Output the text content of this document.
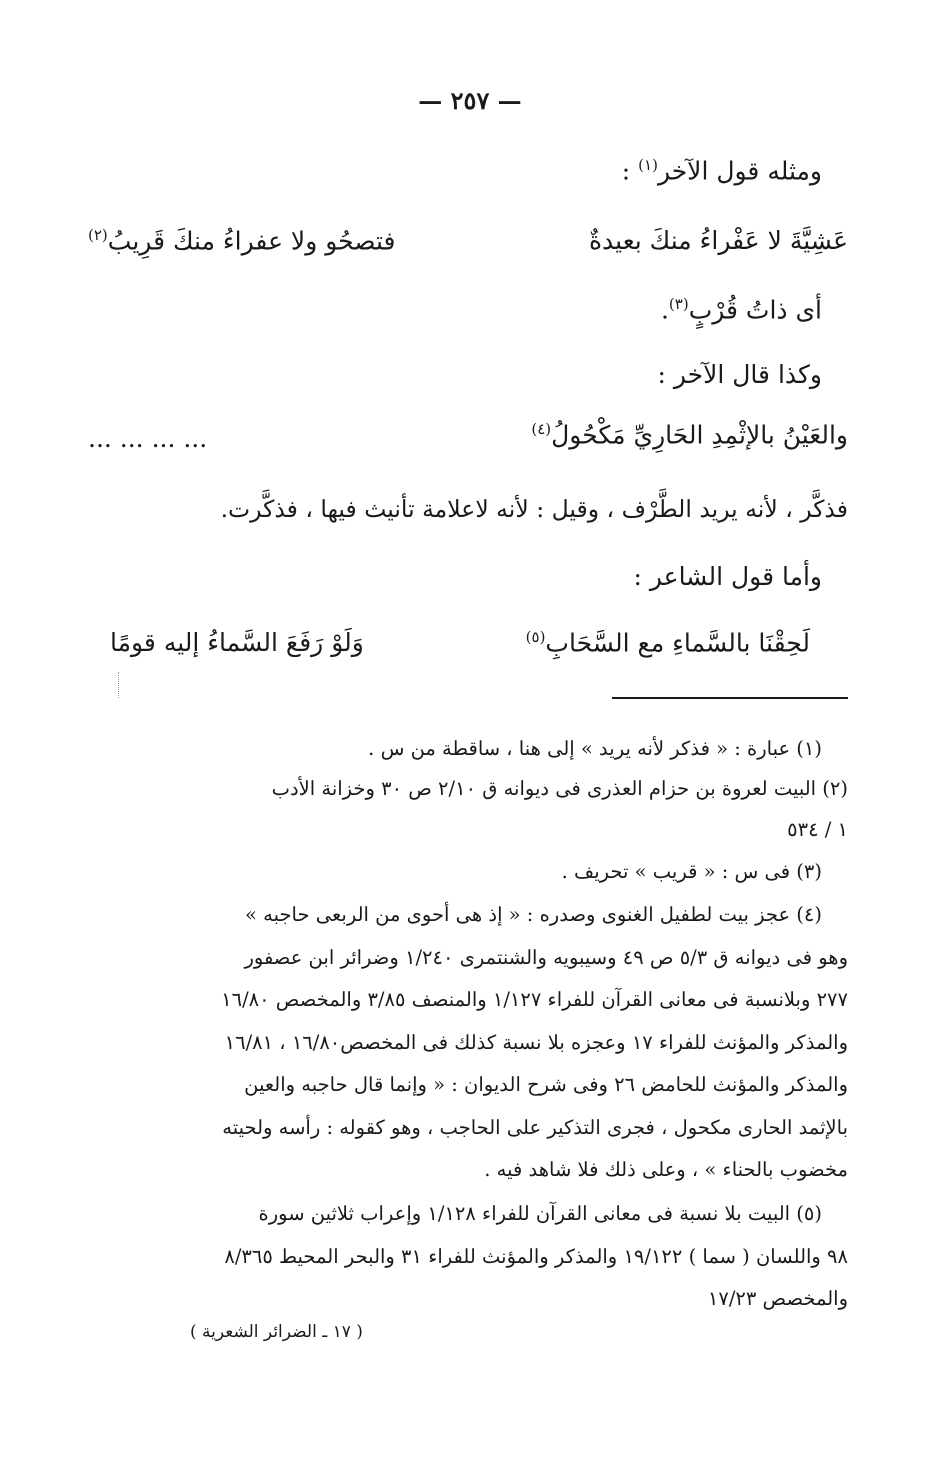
— ٢٥٧ —
ومثله قول الآخر$^{(١)}$ :
عَشِيَّةَ لا عَفْراءُ منكَ بعيدةٌ
فتصحُو ولا عفراءُ منكَ قَرِيبُ$^{(٢)}$
أى ذاتُ قُرْبٍ$^{(٣)}$.
وكذا قال الآخر :
... ... ... ...	والعَيْنُ بالإثْمِدِ الحَارِيِّ مَكْحُولُ$^{(٤)}$
فذكَّر ، لأنه يريد الطَّرْف ، وقيل : لأنه لاعلامة تأنيث فيها ، فذكَّرت.
وأما قول الشاعر :
لَحِقْنَا بالسَّماءِ مع السَّحَابِ$^{(٥)}$
وَلَوْ رَفَعَ السَّماءُ إليه قومًا
(١) عبارة : « فذكر لأنه يريد » إلى هنا ، ساقطة من س .
(٢) البيت لعروة بن حزام العذرى فى ديوانه ق ٢/١٠ ص ٣٠ وخزانة الأدب
١ / ٥٣٤
(٣) فى س : « قريب » تحريف .
(٤) عجز بيت لطفيل الغنوى وصدره : « إذ هى أحوى من الربعى حاجبه »
وهو فى ديوانه ق ٥/٣ ص ٤٩ وسيبويه والشنتمرى ١/٢٤٠ وضرائر ابن عصفور
٢٧٧ وبلانسبة فى معانى القرآن للفراء ١/١٢٧ والمنصف ٣/٨٥ والمخصص ١٦/٨٠
والمذكر والمؤنث للفراء ١٧ وعجزه بلا نسبة كذلك فى المخصص١٦/٨٠ ، ١٦/٨١
والمذكر والمؤنث للحامض ٢٦ وفى شرح الديوان : « وإنما قال حاجبه والعين
بالإثمد الحارى مكحول ، فجرى التذكير على الحاجب ، وهو كقوله : رأسه ولحيته
مخضوب بالحناء » ، وعلى ذلك فلا شاهد فيه .
(٥) البيت بلا نسبة فى معانى القرآن للفراء ١/١٢٨ وإعراب ثلاثين سورة
٩٨ واللسان ( سما ) ١٩/١٢٢ والمذكر والمؤنث للفراء ٣١ والبحر المحيط ٨/٣٦٥
والمخصص ١٧/٢٣
( ١٧ ـ الضرائر الشعرية )
